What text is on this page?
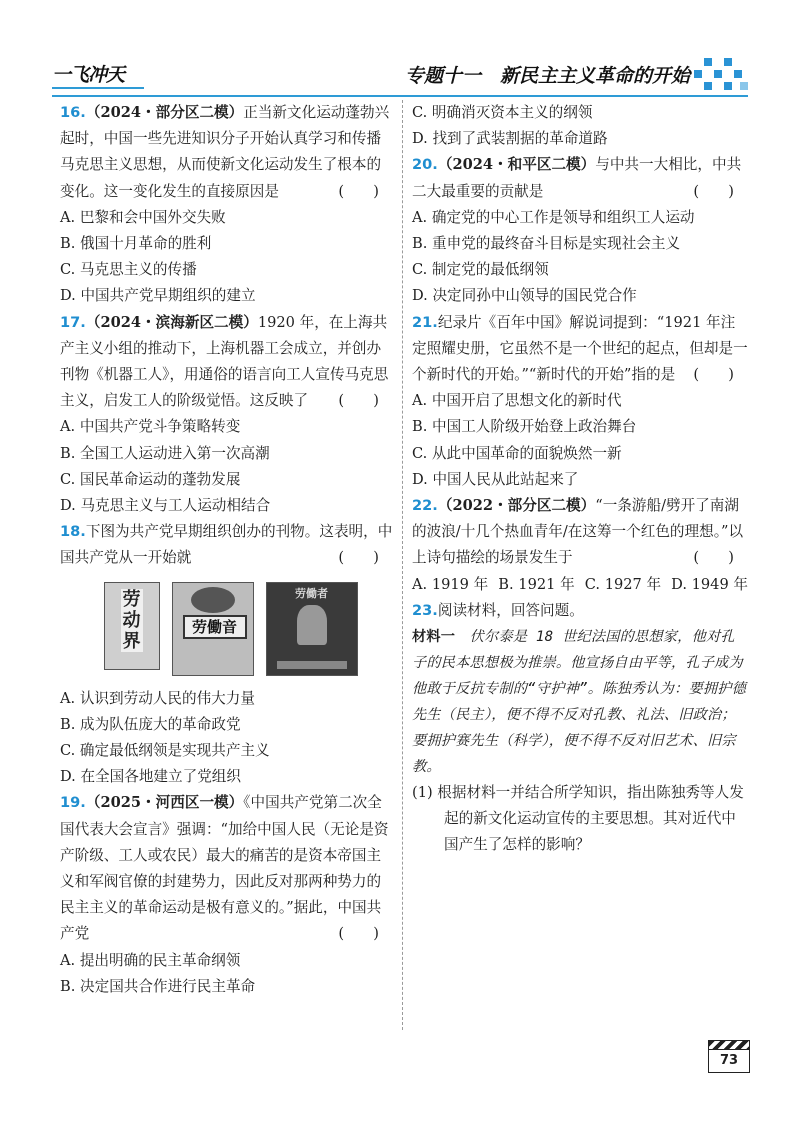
一飞冲天	专题十一　新民主主义革命的开始
16.（2024・部分区二模）正当新文化运动蓬勃兴起时，中国一些先进知识分子开始认真学习和传播马克思主义思想，从而使新文化运动发生了根本的变化。这一变化发生的直接原因是	(　　)
A. 巴黎和会中国外交失败
B. 俄国十月革命的胜利
C. 马克思主义的传播
D. 中国共产党早期组织的建立
17.（2024・滨海新区二模）1920 年，在上海共产主义小组的推动下，上海机器工会成立，并创办刊物《机器工人》，用通俗的语言向工人宣传马克思主义，启发工人的阶级觉悟。这反映了 (　　)
A. 中国共产党斗争策略转变
B. 全国工人运动进入第一次高潮
C. 国民革命运动的蓬勃发展
D. 马克思主义与工人运动相结合
18.下图为共产党早期组织创办的刊物。这表明，中国共产党从一开始就	(　　)
劳动界
劳働音
劳働者
A. 认识到劳动人民的伟大力量
B. 成为队伍庞大的革命政党
C. 确定最低纲领是实现共产主义
D. 在全国各地建立了党组织
19.（2025・河西区一模）《中国共产党第二次全国代表大会宣言》强调：“加给中国人民（无论是资产阶级、工人或农民）最大的痛苦的是资本帝国主义和军阀官僚的封建势力，因此反对那两种势力的民主主义的革命运动是极有意义的。”据此，中国共产党	(　　)
A. 提出明确的民主革命纲领
B. 决定国共合作进行民主革命
C. 明确消灭资本主义的纲领
D. 找到了武装割据的革命道路
20.（2024・和平区二模）与中共一大相比，中共二大最重要的贡献是	(　　)
A. 确定党的中心工作是领导和组织工人运动
B. 重申党的最终奋斗目标是实现社会主义
C. 制定党的最低纲领
D. 决定同孙中山领导的国民党合作
21.纪录片《百年中国》解说词提到：“1921 年注定照耀史册，它虽然不是一个世纪的起点，但却是一个新时代的开始。”“新时代的开始”指的是 (　　)
A. 中国开启了思想文化的新时代
B. 中国工人阶级开始登上政治舞台
C. 从此中国革命的面貌焕然一新
D. 中国人民从此站起来了
22.（2022・部分区二模）“一条游船/劈开了南湖的波浪/十几个热血青年/在这筹一个红色的理想。”以上诗句描绘的场景发生于	(　　)
A. 1919 年 B. 1921 年 C. 1927 年 D. 1949 年
23.阅读材料，回答问题。
材料一　 伏尔泰是 18 世纪法国的思想家，他对孔子的民本思想极为推崇。他宣扬自由平等，孔子成为他敢于反抗专制的“守护神”。陈独秀认为：要拥护德先生（民主），便不得不反对孔教、礼法、旧政治；要拥护赛先生（科学），便不得不反对旧艺术、旧宗教。
(1) 根据材料一并结合所学知识，指出陈独秀等人发起的新文化运动宣传的主要思想。其对近代中国产生了怎样的影响？
73
